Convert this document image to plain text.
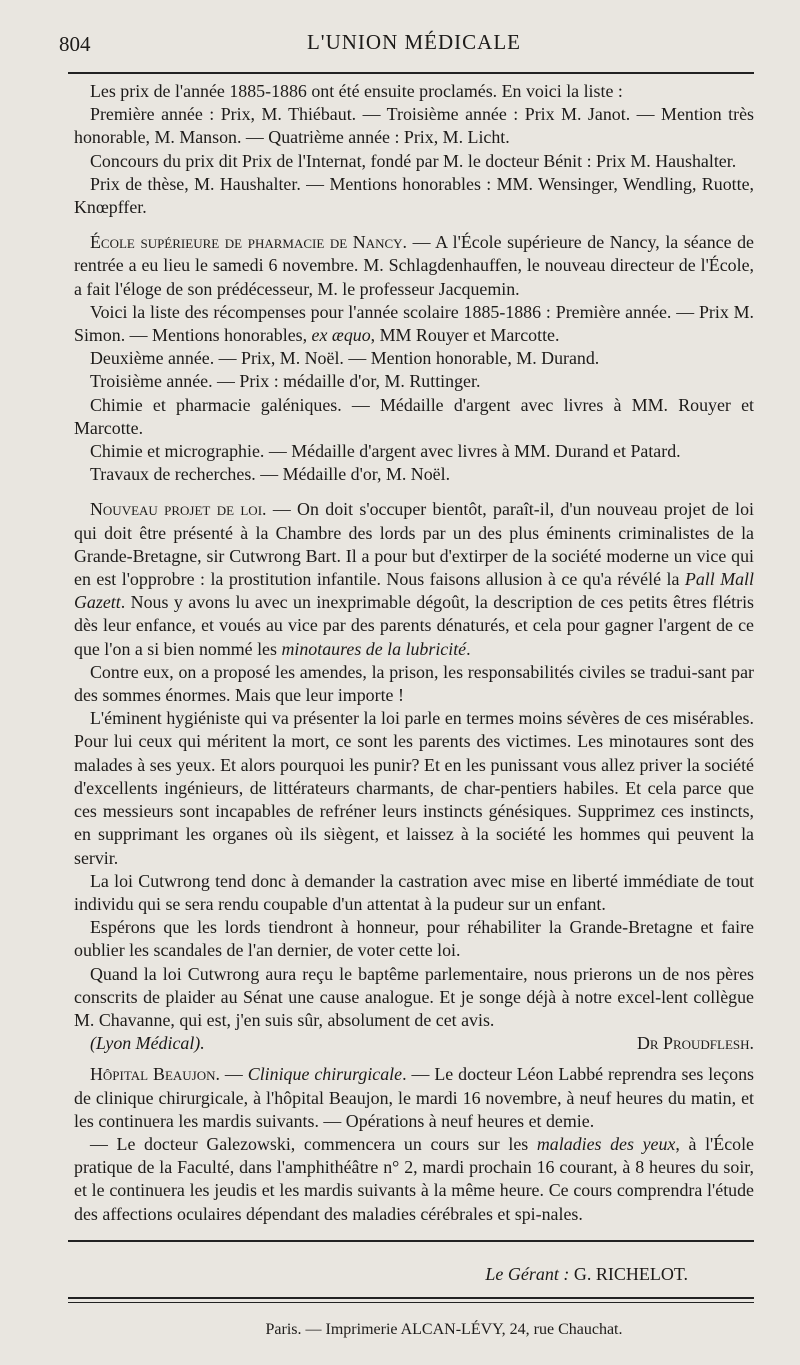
804	L'UNION MÉDICALE

Les prix de l'année 1885-1886 ont été ensuite proclamés. En voici la liste :

Première année : Prix, M. Thiébaut. — Troisième année : Prix M. Janot. — Mention très honorable, M. Manson. — Quatrième année : Prix, M. Licht.

Concours du prix dit Prix de l'Internat, fondé par M. le docteur Bénit : Prix M. Haushalter.

Prix de thèse, M. Haushalter. — Mentions honorables : MM. Wensinger, Wendling, Ruotte, Knœpffer.

École supérieure de pharmacie de Nancy. — A l'École supérieure de Nancy, la séance de rentrée a eu lieu le samedi 6 novembre. M. Schlagdenhauffen, le nouveau directeur de l'École, a fait l'éloge de son prédécesseur, M. le professeur Jacquemin.

Voici la liste des récompenses pour l'année scolaire 1885-1886 : Première année. — Prix M. Simon. — Mentions honorables, ex æquo, MM Rouyer et Marcotte.

Deuxième année. — Prix, M. Noël. — Mention honorable, M. Durand.

Troisième année. — Prix : médaille d'or, M. Ruttinger.

Chimie et pharmacie galéniques. — Médaille d'argent avec livres à MM. Rouyer et Marcotte.

Chimie et micrographie. — Médaille d'argent avec livres à MM. Durand et Patard.

Travaux de recherches. — Médaille d'or, M. Noël.

Nouveau projet de loi. — On doit s'occuper bientôt, paraît-il, d'un nouveau projet de loi qui doit être présenté à la Chambre des lords par un des plus éminents criminalistes de la Grande-Bretagne, sir Cutwrong Bart. Il a pour but d'extirper de la société moderne un vice qui en est l'opprobre : la prostitution infantile. Nous faisons allusion à ce qu'a révélé la Pall Mall Gazett. Nous y avons lu avec un inexprimable dégoût, la description de ces petits êtres flétris dès leur enfance, et voués au vice par des parents dénaturés, et cela pour gagner l'argent de ce que l'on a si bien nommé les minotaures de la lubricité.

Contre eux, on a proposé les amendes, la prison, les responsabilités civiles se tradui-sant par des sommes énormes. Mais que leur importe !

L'éminent hygiéniste qui va présenter la loi parle en termes moins sévères de ces misérables. Pour lui ceux qui méritent la mort, ce sont les parents des victimes. Les minotaures sont des malades à ses yeux. Et alors pourquoi les punir? Et en les punissant vous allez priver la société d'excellents ingénieurs, de littérateurs charmants, de char-pentiers habiles. Et cela parce que ces messieurs sont incapables de refréner leurs instincts génésiques. Supprimez ces instincts, en supprimant les organes où ils siègent, et laissez à la société les hommes qui peuvent la servir.

La loi Cutwrong tend donc à demander la castration avec mise en liberté immédiate de tout individu qui se sera rendu coupable d'un attentat à la pudeur sur un enfant.

Espérons que les lords tiendront à honneur, pour réhabiliter la Grande-Bretagne et faire oublier les scandales de l'an dernier, de voter cette loi.

Quand la loi Cutwrong aura reçu le baptême parlementaire, nous prierons un de nos pères conscrits de plaider au Sénat une cause analogue. Et je songe déjà à notre excel-lent collègue M. Chavanne, qui est, j'en suis sûr, absolument de cet avis.

(Lyon Médical).	Dr Proudflesh.

Hôpital Beaujon. — Clinique chirurgicale. — Le docteur Léon Labbé reprendra ses leçons de clinique chirurgicale, à l'hôpital Beaujon, le mardi 16 novembre, à neuf heures du matin, et les continuera les mardis suivants. — Opérations à neuf heures et demie.

— Le docteur Galezowski, commencera un cours sur les maladies des yeux, à l'École pratique de la Faculté, dans l'amphithéâtre n° 2, mardi prochain 16 courant, à 8 heures du soir, et le continuera les jeudis et les mardis suivants à la même heure. Ce cours comprendra l'étude des affections oculaires dépendant des maladies cérébrales et spi-nales.

Le Gérant : G. RICHELOT.
Paris. — Imprimerie ALCAN-LÉVY, 24, rue Chauchat.
